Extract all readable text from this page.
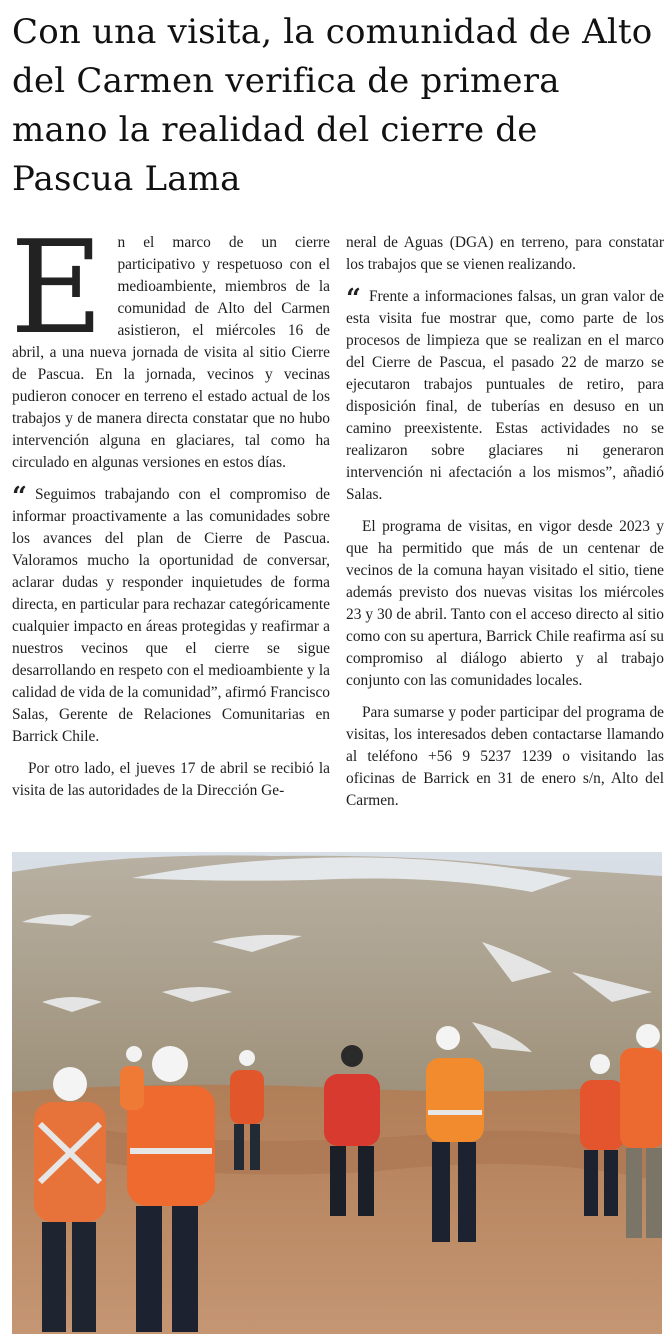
Con una visita, la comunidad de Alto del Carmen verifica de primera mano la realidad del cierre de Pascua Lama

En el marco de un cierre participativo y respetuoso con el medioambiente, miembros de la comunidad de Alto del Carmen asistieron, el miércoles 16 de abril, a una nueva jornada de visita al sitio Cierre de Pascua. En la jornada, vecinos y vecinas pudieron conocer en terreno el estado actual de los trabajos y de manera directa constatar que no hubo intervención alguna en glaciares, tal como ha circulado en algunas versiones en estos días.

“ Seguimos trabajando con el compromiso de informar proactivamente a las comunidades sobre los avances del plan de Cierre de Pascua. Valoramos mucho la oportunidad de conversar, aclarar dudas y responder inquietudes de forma directa, en particular para rechazar categóricamente cualquier impacto en áreas protegidas y reafirmar a nuestros vecinos que el cierre se sigue desarrollando en respeto con el medioambiente y la calidad de vida de la comunidad”, afirmó Francisco Salas, Gerente de Relaciones Comunitarias en Barrick Chile.

Por otro lado, el jueves 17 de abril se recibió la visita de las autoridades de la Dirección Ge-

neral de Aguas (DGA) en terreno, para constatar los trabajos que se vienen realizando.

“ Frente a informaciones falsas, un gran valor de esta visita fue mostrar que, como parte de los procesos de limpieza que se realizan en el marco del Cierre de Pascua, el pasado 22 de marzo se ejecutaron trabajos puntuales de retiro, para disposición final, de tuberías en desuso en un camino preexistente. Estas actividades no se realizaron sobre glaciares ni generaron intervención ni afectación a los mismos”, añadió Salas.

El programa de visitas, en vigor desde 2023 y que ha permitido que más de un centenar de vecinos de la comuna hayan visitado el sitio, tiene además previsto dos nuevas visitas los miércoles 23 y 30 de abril. Tanto con el acceso directo al sitio como con su apertura, Barrick Chile reafirma así su compromiso al diálogo abierto y al trabajo conjunto con las comunidades locales.

Para sumarse y poder participar del programa de visitas, los interesados deben contactarse llamando al teléfono +56 9 5237 1239 o visitando las oficinas de Barrick en 31 de enero s/n, Alto del Carmen.
